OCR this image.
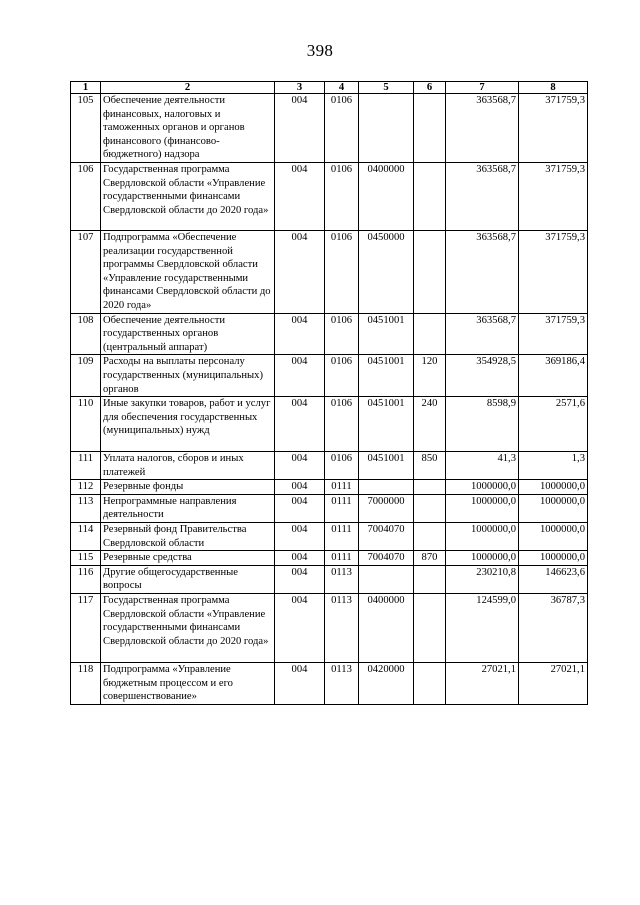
398
1	2	3	4	5	6	7	8
105	Обеспечение деятельности финансовых, налоговых и таможенных органов и органов финансового (финансово-бюджетного) надзора	004	0106			363568,7	371759,3
106	Государственная программа Свердловской области «Управление государственными финансами Свердловской области до 2020 года»	004	0106	0400000		363568,7	371759,3
107	Подпрограмма «Обеспечение реализации государственной программы Свердловской области «Управление государственными финансами Свердловской области до 2020 года»	004	0106	0450000		363568,7	371759,3
108	Обеспечение деятельности государственных органов (центральный аппарат)	004	0106	0451001		363568,7	371759,3
109	Расходы на выплаты персоналу государственных (муниципальных) органов	004	0106	0451001	120	354928,5	369186,4
110	Иные закупки товаров, работ и услуг для обеспечения государственных (муниципальных) нужд	004	0106	0451001	240	8598,9	2571,6
111	Уплата налогов, сборов и иных платежей	004	0106	0451001	850	41,3	1,3
112	Резервные фонды	004	0111			1000000,0	1000000,0
113	Непрограммные направления деятельности	004	0111	7000000		1000000,0	1000000,0
114	Резервный фонд Правительства Свердловской области	004	0111	7004070		1000000,0	1000000,0
115	Резервные средства	004	0111	7004070	870	1000000,0	1000000,0
116	Другие общегосударственные вопросы	004	0113			230210,8	146623,6
117	Государственная программа Свердловской области «Управление государственными финансами Свердловской области до 2020 года»	004	0113	0400000		124599,0	36787,3
118	Подпрограмма «Управление бюджетным процессом и его совершенствование»	004	0113	0420000		27021,1	27021,1
